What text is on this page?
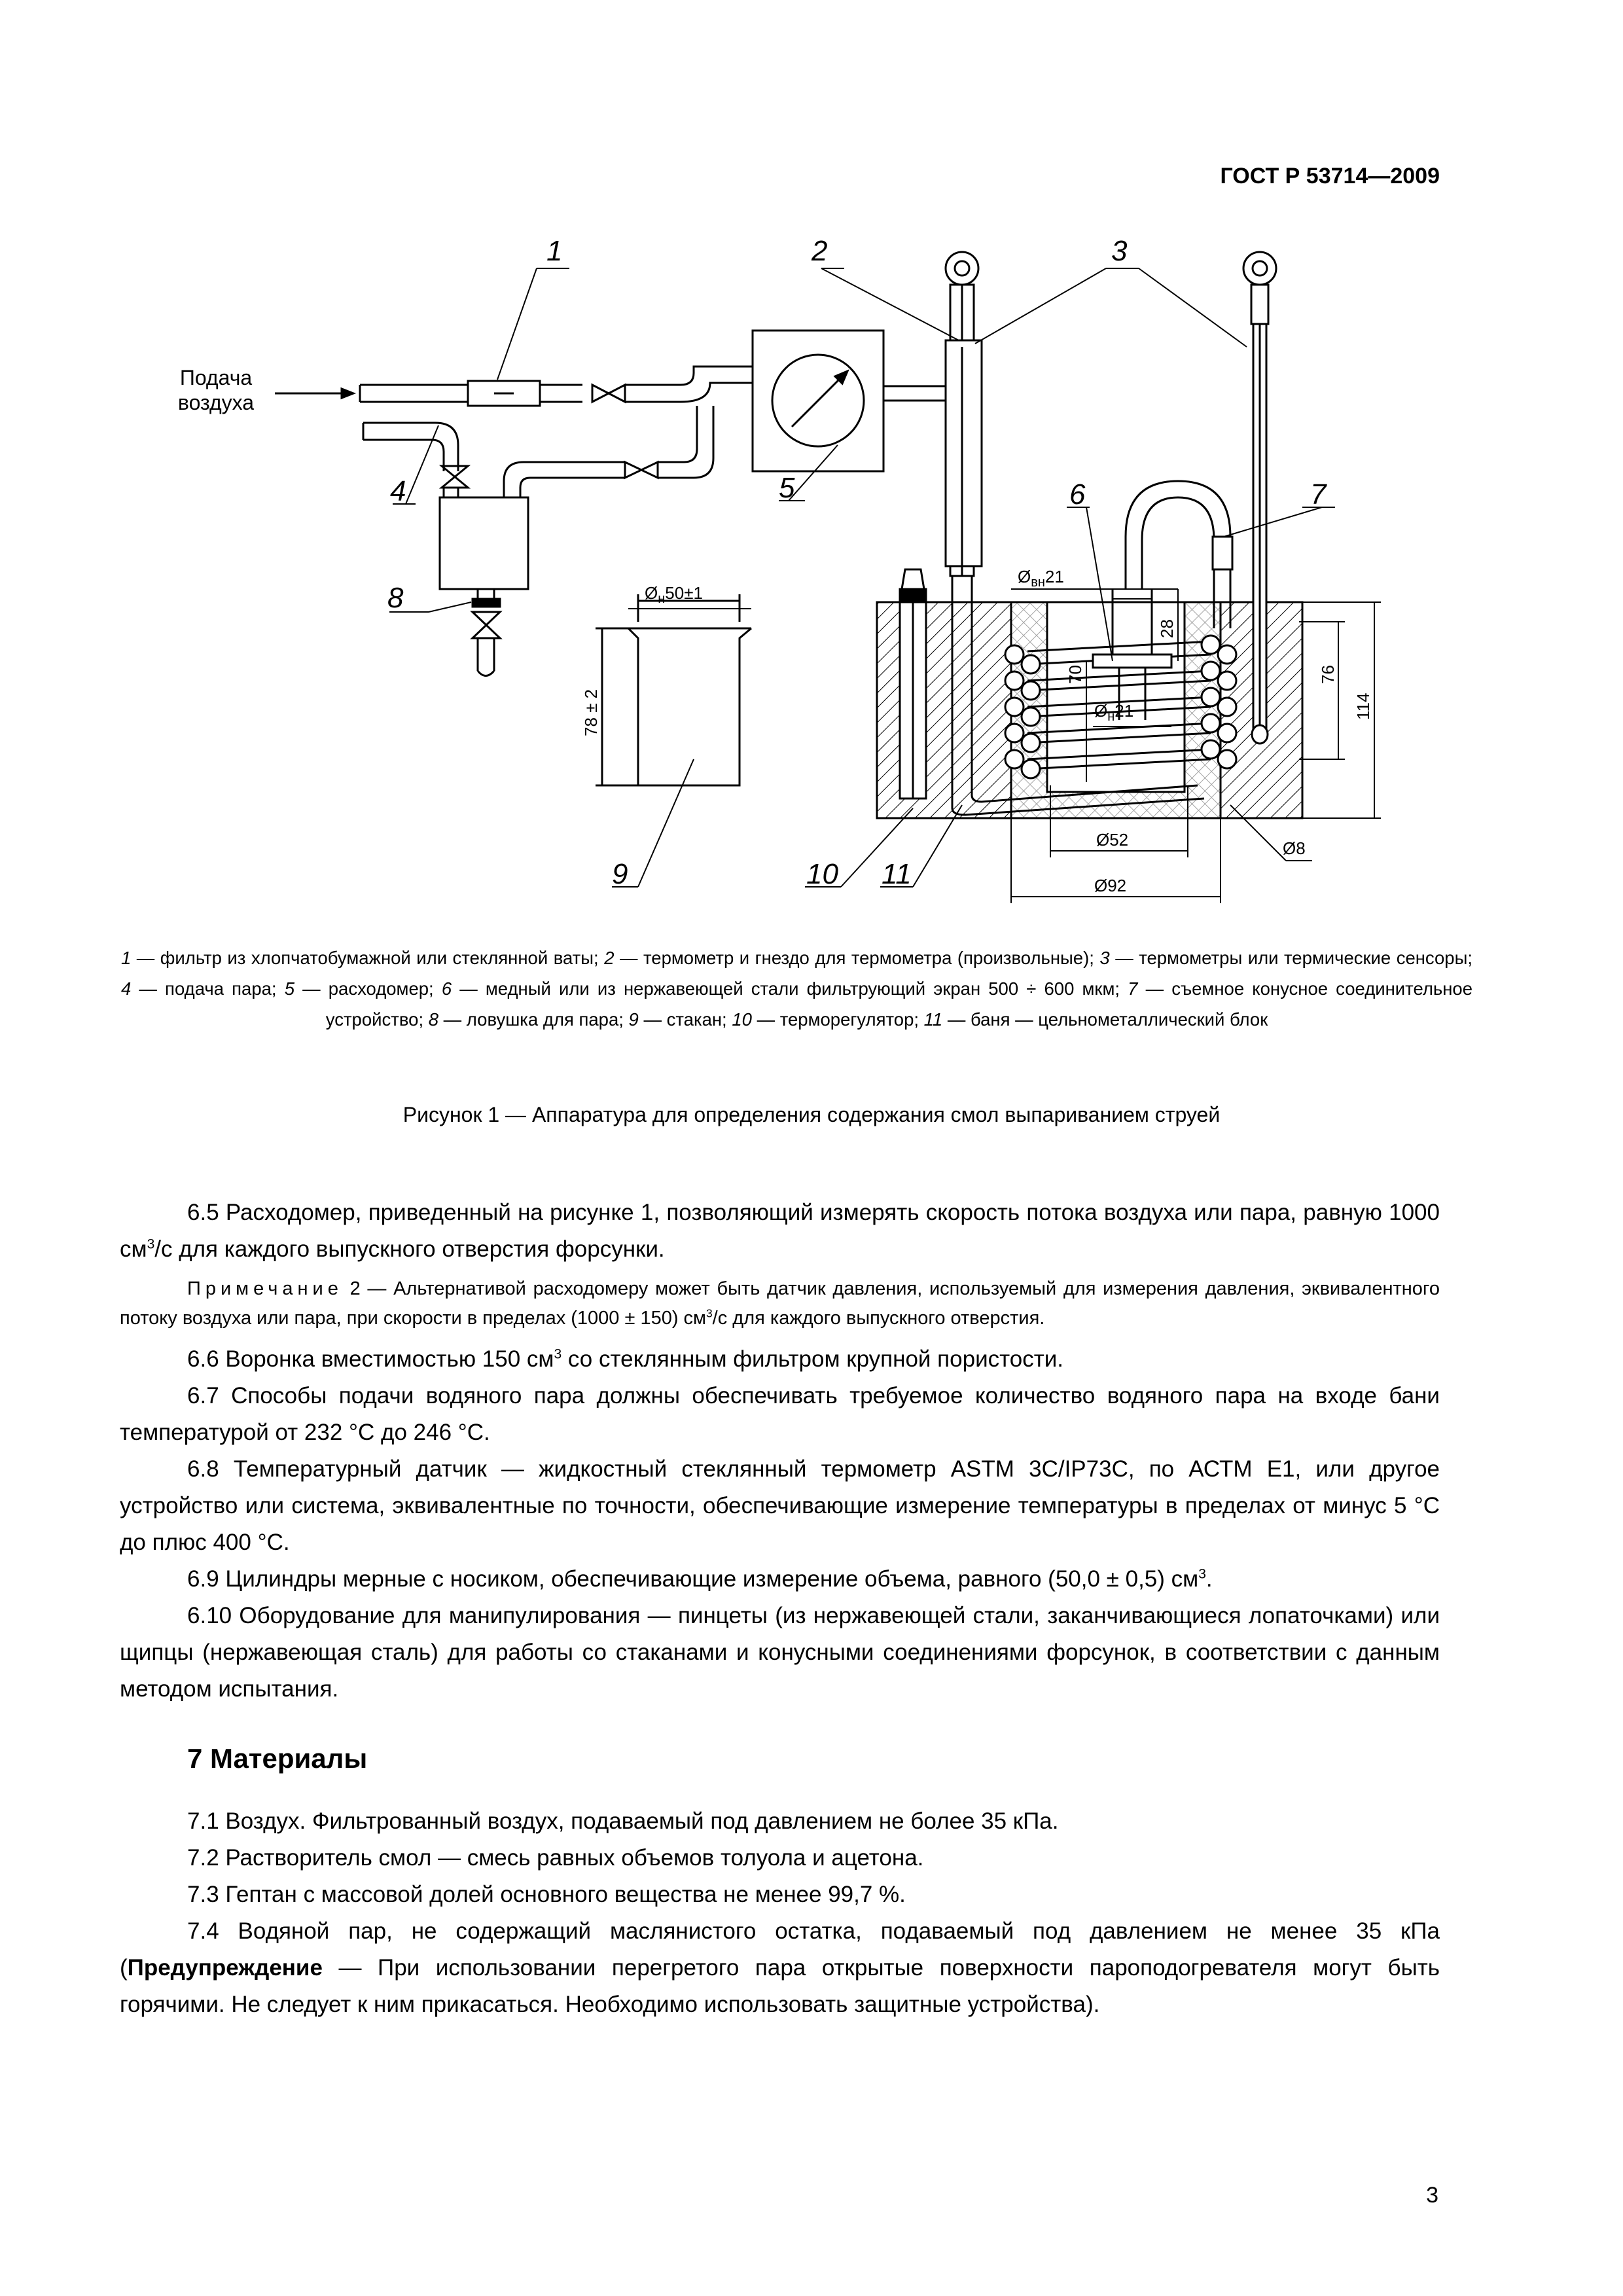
ГОСТ Р 53714—2009
Подача
воздуха
1	2	3
4	5	6	7
8
9	10 11
$Ø_н50\pm 1$
78 ± 2
$Ø_{вн}21$
$Ø_н21$
28
70	76
114
Ø52
Ø92
Ø8
1 — фильтр из хлопчатобумажной или стеклянной ваты; 2 — термометр и гнездо для термометра (произвольные); 3 — термометры или термические сенсоры; 4 — подача пара; 5 — расходомер; 6 — медный или из нержавеющей стали фильтрующий экран 500 ÷ 600 мкм; 7 — съемное конусное соединительное устройство; 8 — ловушка для пара; 9 — стакан; 10 — терморегулятор; 11 — баня — цельнометаллический блок
Рисунок 1 — Аппаратура для определения содержания смол выпариванием струей

6.5 Расходомер, приведенный на рисунке 1, позволяющий измерять скорость потока воздуха или пара, равную 1000 $см^3/с$ для каждого выпускного отверстия форсунки.

Примечание 2 — Альтернативой расходомеру может быть датчик давления, используемый для измерения давления, эквивалентного потоку воздуха или пара, при скорости в пределах (1000 ± 150) $см^3/с$ для каждого выпускного отверстия.

6.6 Воронка вместимостью 150 $см^3$ со стеклянным фильтром крупной пористости.

6.7 Способы подачи водяного пара должны обеспечивать требуемое количество водяного пара на входе бани температурой от 232 °С до 246 °С.

6.8 Температурный датчик — жидкостный стеклянный термометр ASTM 3C/IP73C, по АСТМ Е1, или другое устройство или система, эквивалентные по точности, обеспечивающие измерение температуры в пределах от минус 5 °С до плюс 400 °С.

6.9 Цилиндры мерные с носиком, обеспечивающие измерение объема, равного (50,0 ± 0,5) $см^3$.

6.10 Оборудование для манипулирования — пинцеты (из нержавеющей стали, заканчивающиеся лопаточками) или щипцы (нержавеющая сталь) для работы со стаканами и конусными соединениями форсунок, в соответствии с данным методом испытания.

7 Материалы

7.1 Воздух. Фильтрованный воздух, подаваемый под давлением не более 35 кПа.

7.2 Растворитель смол — смесь равных объемов толуола и ацетона.

7.3 Гептан с массовой долей основного вещества не менее 99,7 %.

7.4 Водяной пар, не содержащий маслянистого остатка, подаваемый под давлением не менее 35 кПа (Предупреждение — При использовании перегретого пара открытые поверхности пароподогревателя могут быть горячими. Не следует к ним прикасаться. Необходимо использовать защитные устройства).

3
